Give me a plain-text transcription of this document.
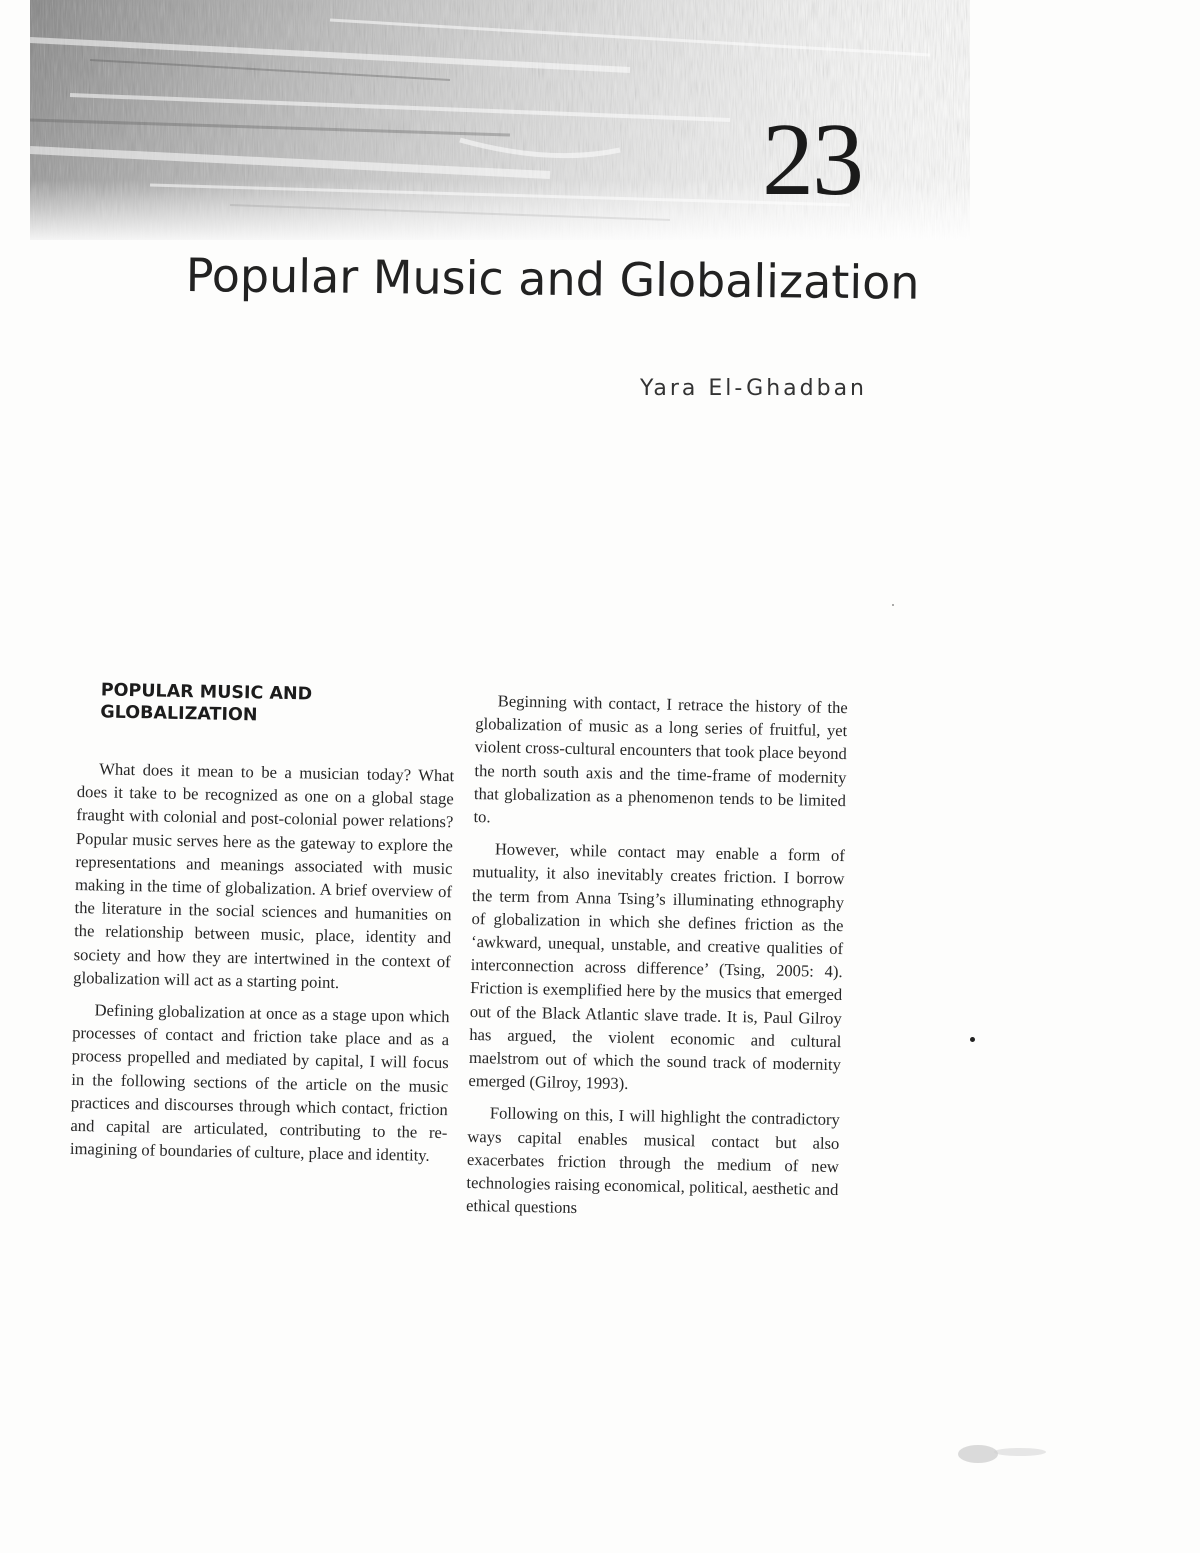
23
Popular Music and Globalization
Yara El-Ghadban
POPULAR MUSIC AND GLOBALIZATION

What does it mean to be a musician today? What does it take to be recognized as one on a global stage fraught with colonial and post-colonial power relations? Popular music serves here as the gateway to explore the representations and meanings associated with music making in the time of globalization. A brief overview of the literature in the social sciences and humanities on the relationship between music, place, identity and society and how they are intertwined in the context of globalization will act as a starting point.

Defining globalization at once as a stage upon which processes of contact and friction take place and as a process propelled and mediated by capital, I will focus in the following sections of the article on the music practices and discourses through which contact, friction and capital are articulated, contributing to the re-imagining of boundaries of culture, place and identity.

Beginning with contact, I retrace the history of the globalization of music as a long series of fruitful, yet violent cross-cultural encounters that took place beyond the north south axis and the time-frame of modernity that globalization as a phenomenon tends to be limited to.

However, while contact may enable a form of mutuality, it also inevitably creates friction. I borrow the term from Anna Tsing’s illuminating ethnography of globalization in which she defines friction as the ‘awkward, unequal, unstable, and creative qualities of interconnection across difference’ (Tsing, 2005: 4). Friction is exemplified here by the musics that emerged out of the Black Atlantic slave trade. It is, Paul Gilroy has argued, the violent economic and cultural maelstrom out of which the sound track of modernity emerged (Gilroy, 1993).

Following on this, I will highlight the contradictory ways capital enables musical contact but also exacerbates friction through the medium of new technologies raising economical, political, aesthetic and ethical questions
